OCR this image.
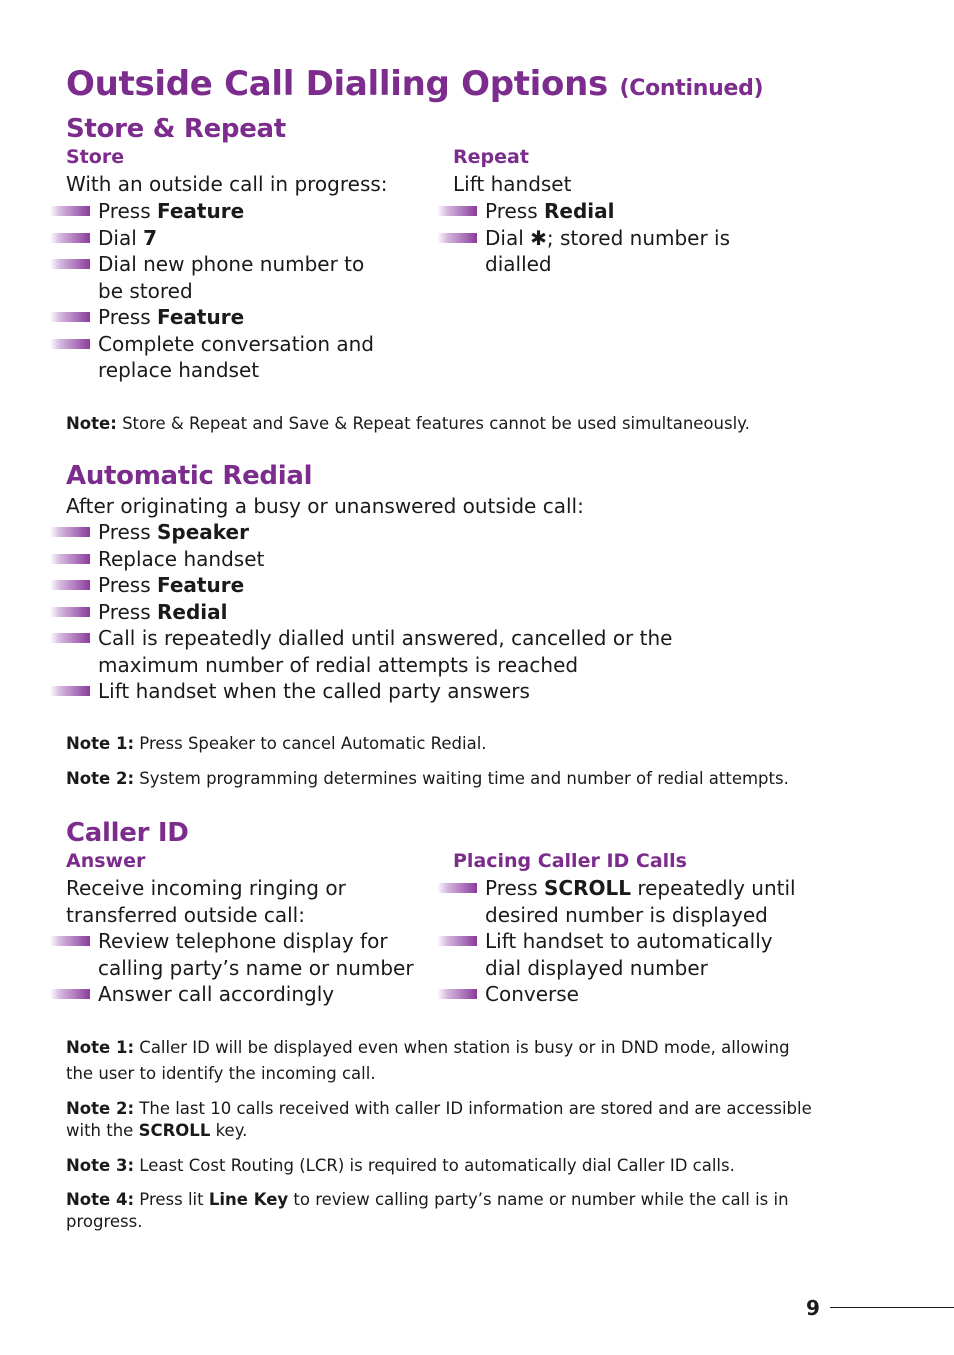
Outside Call Dialling Options (Continued)
Store & Repeat
Store

With an outside call in progress:

Press Feature
Dial 7
Dial new phone number to
be stored
Press Feature
Complete conversation and
replace handset
Repeat

Lift handset

Press Redial
Dial ✱; stored number is
dialled

Note: Store & Repeat and Save & Repeat features cannot be used simultaneously.

Automatic Redial

After originating a busy or unanswered outside call:

Press Speaker
Replace handset
Press Feature
Press Redial
Call is repeatedly dialled until answered, cancelled or the
maximum number of redial attempts is reached
Lift handset when the called party answers

Note 1: Press Speaker to cancel Automatic Redial.

Note 2: System programming determines waiting time and number of redial attempts.

Caller ID
Answer

Receive incoming ringing or
transferred outside call:

Review telephone display for
calling party’s name or number
Answer call accordingly
Placing Caller ID Calls
Press SCROLL repeatedly until
desired number is displayed
Lift handset to automatically
dial displayed number
Converse

Note 1: Caller ID will be displayed even when station is busy or in DND mode, allowing
the user to identify the incoming call.

Note 2: The last 10 calls received with caller ID information are stored and are accessible
with the SCROLL key.

Note 3: Least Cost Routing (LCR) is required to automatically dial Caller ID calls.

Note 4: Press lit Line Key to review calling party’s name or number while the call is in
progress.

9
